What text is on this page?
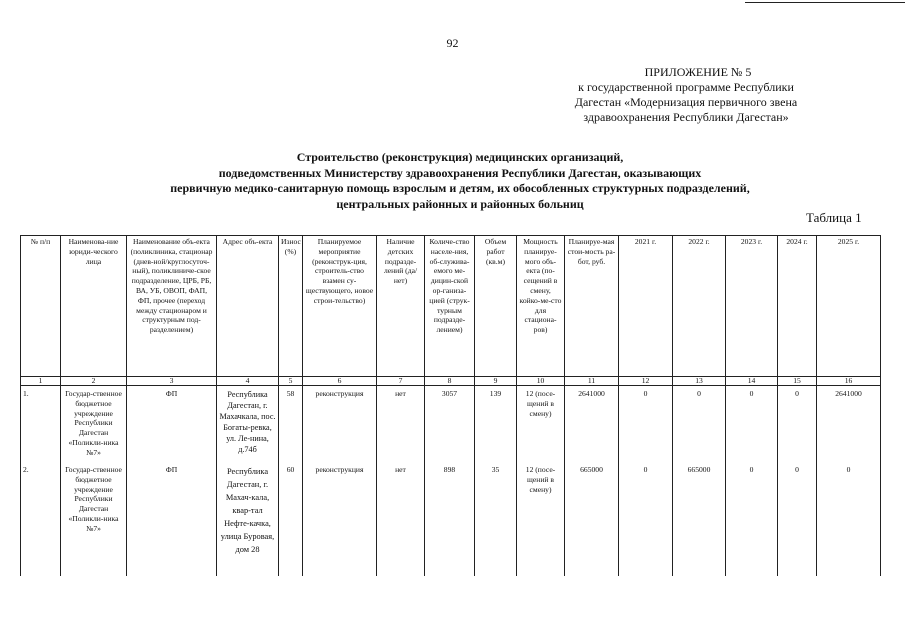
92
ПРИЛОЖЕНИЕ № 5
к государственной программе Республики
Дагестан «Модернизация первичного звена
здравоохранения Республики Дагестан»
Строительство (реконструкция) медицинских организаций,
подведомственных Министерству здравоохранения Республики Дагестан, оказывающих
первичную медико-санитарную помощь взрослым и детям, их обособленных структурных подразделений,
центральных районных и районных больниц
Таблица 1
№ п/п	Наименова-ние юриди-ческого лица	Наименование объ-екта (поликлиника, стационар (днев-ной/круглосуточ-ный), поликлиниче-ское подразделение, ЦРБ, РБ, ВА, УБ, ОВОП, ФАП, ФП, прочее (переход между стационаром и структурным под-разделением)	Адрес объ-екта	Износ (%)	Планируемое мероприятие (реконструк-ция, строитель-ство взамен су-ществующего, новое строи-тельство)	Наличие детских подразде-лений (да/нет)	Количе-ство населе-ния, об-служива-емого ме-дицин-ской ор-ганиза-цией (струк-турным подразде-лением)	Объем работ (кв.м)	Мощность планируе-мого объ-екта (по-сещений в смену, койко-ме-сто для стациона-ров)	Планируе-мая стои-мость ра-бот, руб.	2021 г.	2022 г.	2023 г.	2024 г.	2025 г.
1	2	3	4	5	6	7	8	9	10	11	12	13	14	15	16
1.	Государ-ственное бюджетное учреждение Республики Дагестан «Поликли-ника №7»	ФП	Республика Дагестан, г. Махачкала, пос. Богаты-ревка, ул. Ле-нина, д.74б	58	реконструкция	нет	3057	139	12 (посе-щений в смену)	2641000	0	0	0	0	2641000
2.	Государ-ственное бюджетное учреждение Республики Дагестан «Поликли-ника №7»	ФП	Республика Дагестан, г. Махач-кала, квар-тал Нефте-качка, улица Буровая, дом 28	60	реконструкция	нет	898	35	12 (посе-щений в смену)	665000	0	665000	0	0	0
